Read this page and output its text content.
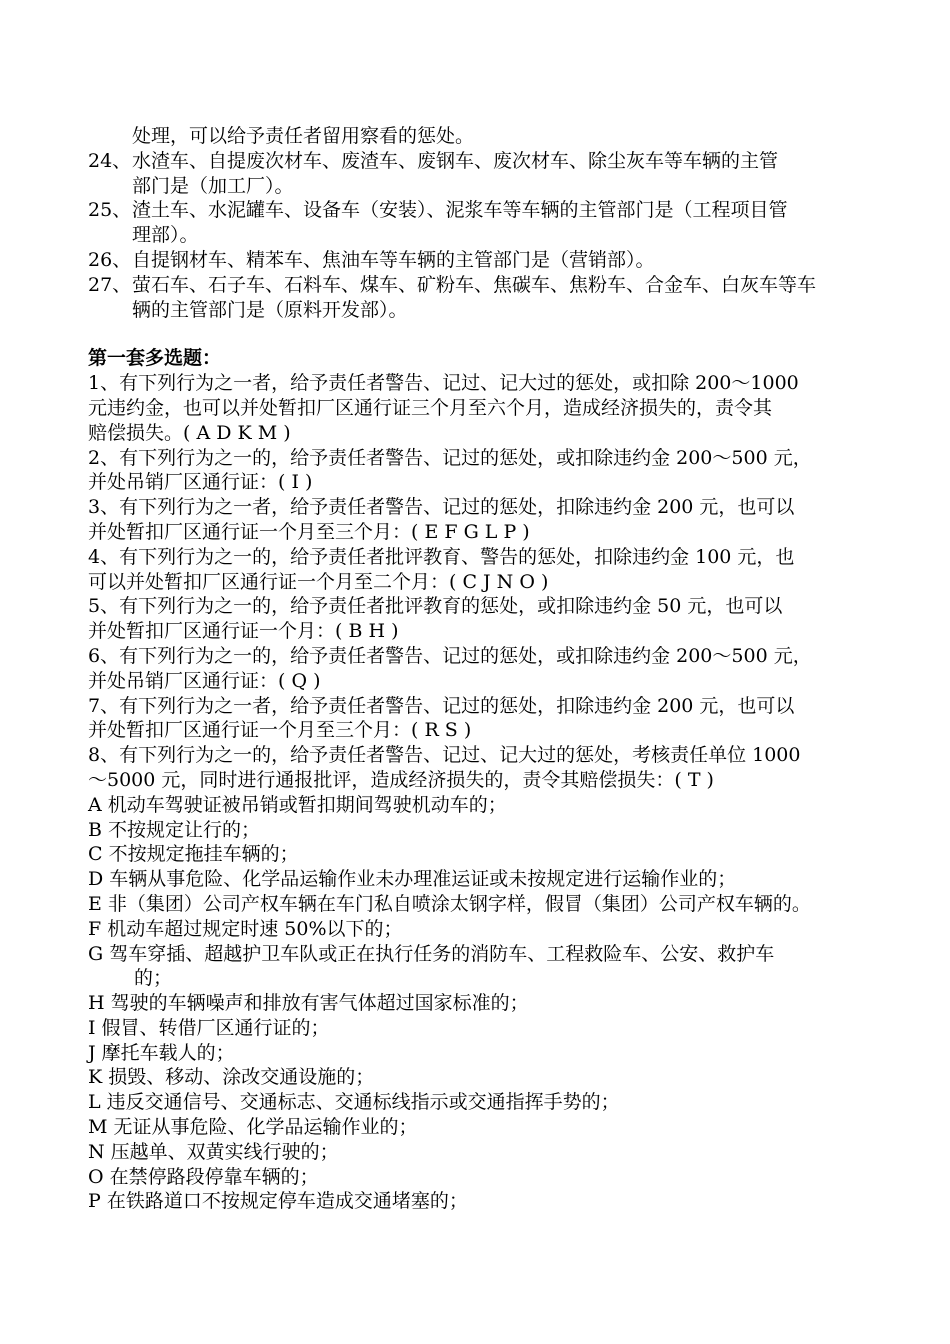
处理，可以给予责任者留用察看的惩处。
24、 水渣车、自提废次材车、废渣车、废钢车、废次材车、除尘灰车等车辆的主管
部门是（加工厂）。
25、 渣土车、水泥罐车、设备车（安装）、泥浆车等车辆的主管部门是（工程项目管
理部）。
26、 自提钢材车、精苯车、焦油车等车辆的主管部门是（营销部）。
27、 萤石车、石子车、石料车、煤车、矿粉车、焦碳车、焦粉车、合金车、白灰车等车
辆的主管部门是（原料开发部）。
第一套多选题：
1、有下列行为之一者，给予责任者警告、记过、记大过的惩处，或扣除 200～1000
元违约金，也可以并处暂扣厂区通行证三个月至六个月，造成经济损失的，责令其
赔偿损失。( A D K M )
2、有下列行为之一的，给予责任者警告、记过的惩处，或扣除违约金 200～500 元，
并处吊销厂区通行证：( I )
3、有下列行为之一者，给予责任者警告、记过的惩处，扣除违约金 200 元，也可以
并处暂扣厂区通行证一个月至三个月：( E F G L P )
4、有下列行为之一的，给予责任者批评教育、警告的惩处，扣除违约金 100 元，也
可以并处暂扣厂区通行证一个月至二个月：( C J N O )
5、有下列行为之一的，给予责任者批评教育的惩处，或扣除违约金 50 元，也可以
并处暂扣厂区通行证一个月：( B H )
6、有下列行为之一的，给予责任者警告、记过的惩处，或扣除违约金 200～500 元，
并处吊销厂区通行证：( Q )
7、有下列行为之一者，给予责任者警告、记过的惩处，扣除违约金 200 元，也可以
并处暂扣厂区通行证一个月至三个月：( R S )
8、有下列行为之一的，给予责任者警告、记过、记大过的惩处，考核责任单位 1000
～5000 元，同时进行通报批评，造成经济损失的，责令其赔偿损失：( T )
A 机动车驾驶证被吊销或暂扣期间驾驶机动车的；
B 不按规定让行的；
C 不按规定拖挂车辆的；
D 车辆从事危险、化学品运输作业未办理准运证或未按规定进行运输作业的；
E 非（集团）公司产权车辆在车门私自喷涂太钢字样，假冒（集团）公司产权车辆的。
F 机动车超过规定时速 50%以下的；
G 驾车穿插、超越护卫车队或正在执行任务的消防车、工程救险车、公安、救护车
的；
H 驾驶的车辆噪声和排放有害气体超过国家标准的；
I 假冒、转借厂区通行证的；
J 摩托车载人的；
K 损毁、移动、涂改交通设施的；
L 违反交通信号、交通标志、交通标线指示或交通指挥手势的；
M 无证从事危险、化学品运输作业的；
N 压越单、双黄实线行驶的；
O 在禁停路段停靠车辆的；
P 在铁路道口不按规定停车造成交通堵塞的；
